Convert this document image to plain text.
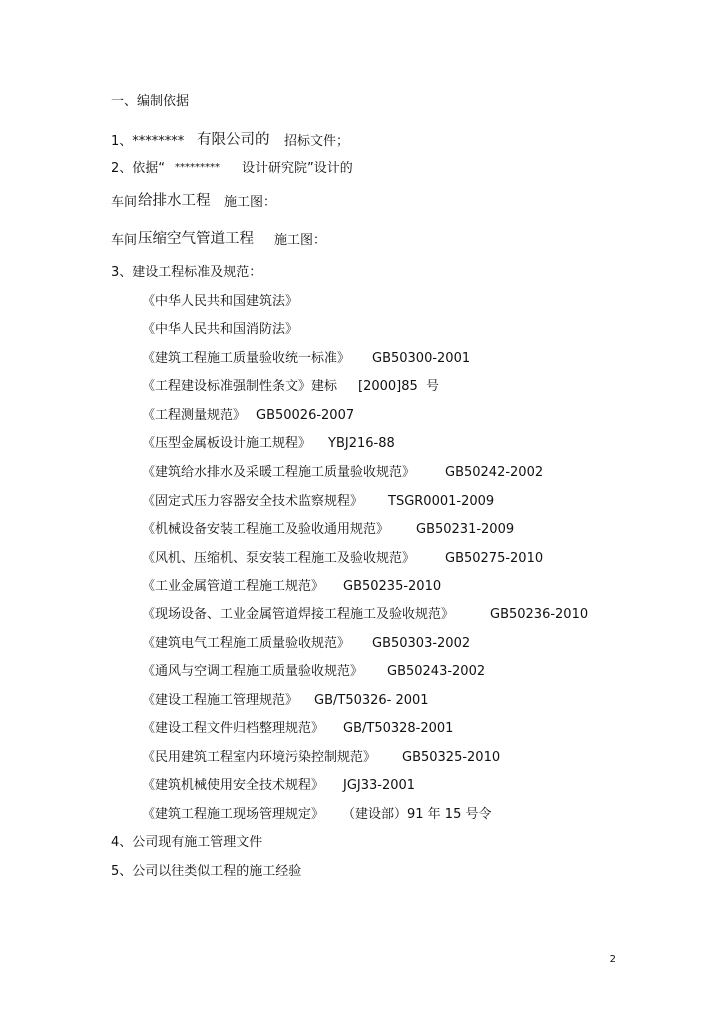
一、编制依据
1、******** 有限公司的 招标文件；
2、依据“ ********* 设计研究院”设计的
车间 给排水工程 施工图：
车间 压缩空气管道工程 施工图：
3、建设工程标准及规范：
《中华人民共和国建筑法》
《中华人民共和国消防法》
《建筑工程施工质量验收统一标准》 GB50300-2001
《工程建设标准强制性条文》建标 [2000]85  号
《工程测量规范》 GB50026-2007
《压型金属板设计施工规程》 YBJ216-88
《建筑给水排水及采暖工程施工质量验收规范》 GB50242-2002
《固定式压力容器安全技术监察规程》 TSGR0001-2009
《机械设备安装工程施工及验收通用规范》 GB50231-2009
《风机、压缩机、泵安装工程施工及验收规范》 GB50275-2010
《工业金属管道工程施工规范》 GB50235-2010
《现场设备、工业金属管道焊接工程施工及验收规范》	GB50236-2010
《建筑电气工程施工质量验收规范》 GB50303-2002
《通风与空调工程施工质量验收规范》 GB50243-2002
《建设工程施工管理规范》 GB/T50326- 2001
《建设工程文件归档整理规范》 GB/T50328-2001
《民用建筑工程室内环境污染控制规范》 GB50325-2010
《建筑机械使用安全技术规程》 JGJ33-2001
《建筑工程施工现场管理规定》 （建设部）91 年 15 号令
4、公司现有施工管理文件
5、公司以往类似工程的施工经验
2
